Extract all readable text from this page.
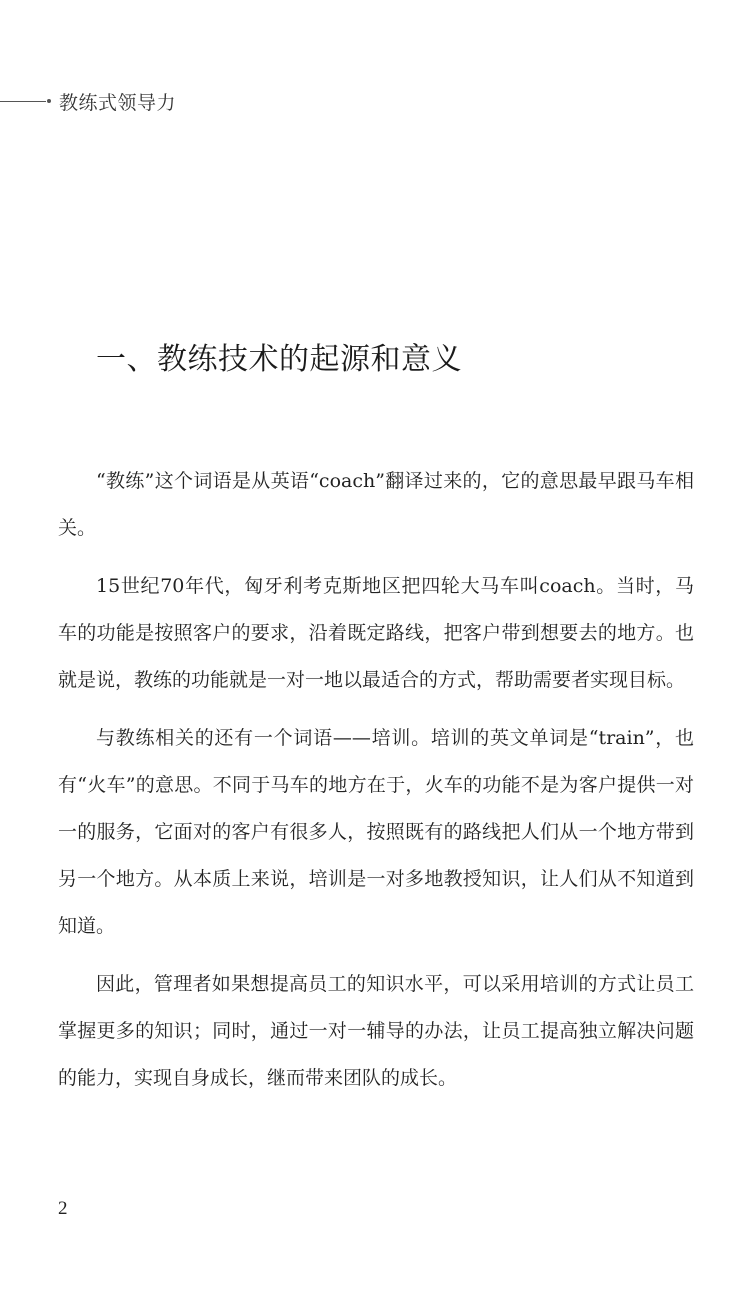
教练式领导力
一、教练技术的起源和意义

“教练”这个词语是从英语“coach”翻译过来的，它的意思最早跟马车相关。

15世纪70年代，匈牙利考克斯地区把四轮大马车叫coach。当时，马车的功能是按照客户的要求，沿着既定路线，把客户带到想要去的地方。也就是说，教练的功能就是一对一地以最适合的方式，帮助需要者实现目标。

与教练相关的还有一个词语——培训。培训的英文单词是“train”，也有“火车”的意思。不同于马车的地方在于，火车的功能不是为客户提供一对一的服务，它面对的客户有很多人，按照既有的路线把人们从一个地方带到另一个地方。从本质上来说，培训是一对多地教授知识，让人们从不知道到知道。

因此，管理者如果想提高员工的知识水平，可以采用培训的方式让员工掌握更多的知识；同时，通过一对一辅导的办法，让员工提高独立解决问题的能力，实现自身成长，继而带来团队的成长。

2
